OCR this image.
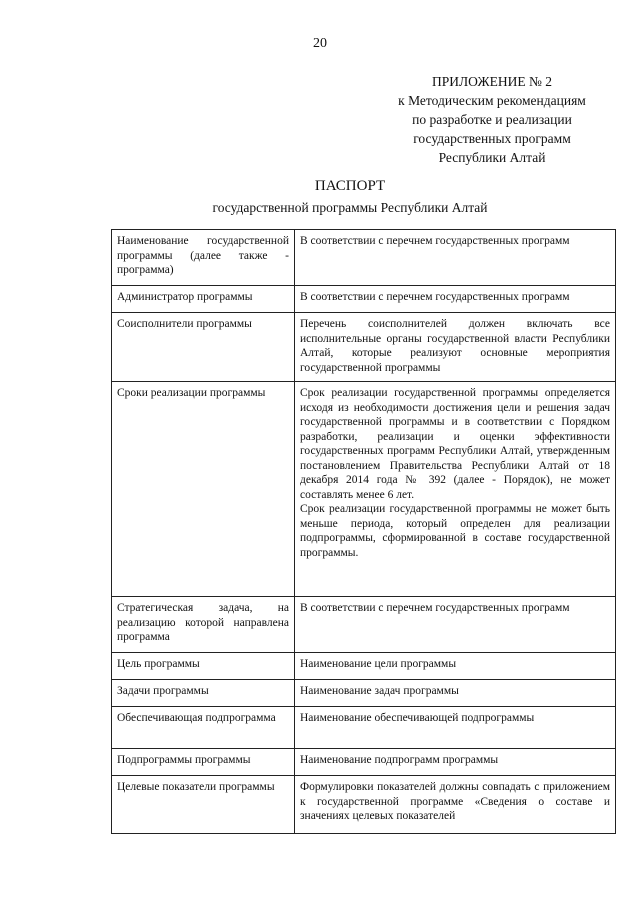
20
ПРИЛОЖЕНИЕ № 2
к Методическим рекомендациям
по разработке и реализации
государственных программ
Республики Алтай
ПАСПОРТ
государственной программы Республики Алтай
Наименование государственной программы (далее также - программа)	В соответствии с перечнем государственных программ

Администратор программы	В соответствии с перечнем государственных программ

Соисполнители программы	Перечень соисполнителей должен включать все исполнительные органы государственной власти Республики Алтай, которые реализуют основные мероприятия государственной программы

Сроки реализации программы	Срок реализации государственной программы определяется исходя из необходимости достижения цели и решения задач государственной программы и в соответствии с Порядком разработки, реализации и оценки эффективности государственных программ Республики Алтай, утвержденным постановлением Правительства Республики Алтай от 18 декабря 2014 года № 392 (далее - Порядок), не может составлять менее 6 лет.

Срок реализации государственной программы не может быть меньше периода, который определен для реализации подпрограммы, сформированной в составе государственной программы.

Стратегическая задача, на реализацию которой направлена программа	В соответствии с перечнем государственных программ

Цель программы	Наименование цели программы

Задачи программы	Наименование задач программы

Обеспечивающая подпрограмма	Наименование обеспечивающей подпрограммы

Подпрограммы программы	Наименование подпрограмм программы

Целевые показатели программы	Формулировки показателей должны совпадать с приложением к государственной программе «Сведения о составе и значениях целевых показателей
